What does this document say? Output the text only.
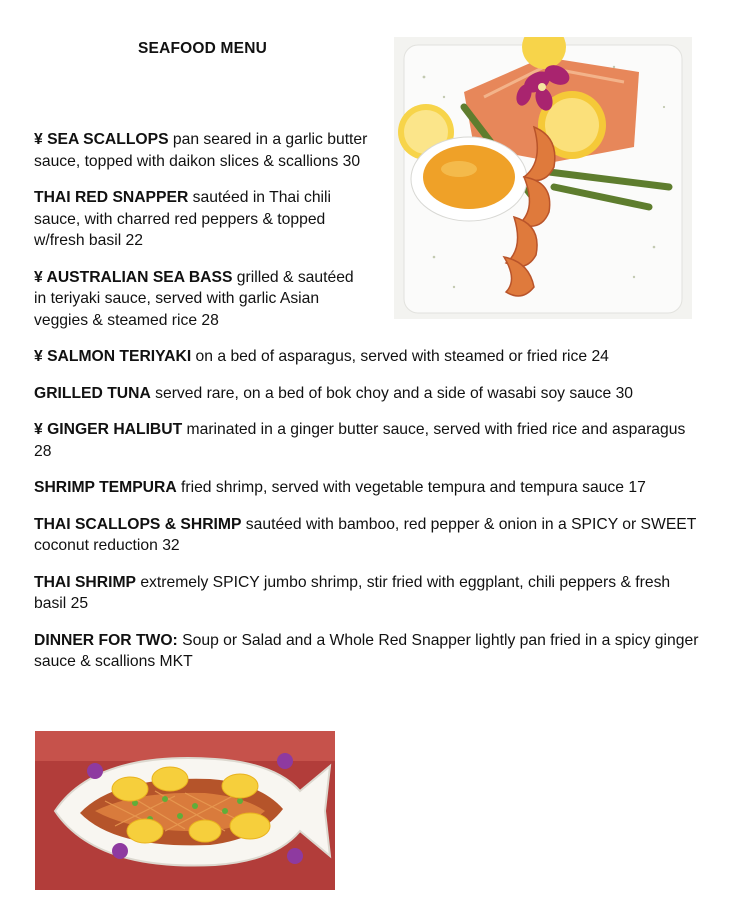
SEAFOOD MENU
¥ SEA SCALLOPS pan seared in a garlic butter sauce, topped with daikon slices & scallions 30
THAI RED SNAPPER sautéed in Thai chili sauce, with charred red peppers & topped w/fresh basil 22
¥ AUSTRALIAN SEA BASS grilled & sautéed in teriyaki sauce, served with garlic Asian veggies & steamed rice 28
¥ SALMON TERIYAKI on a bed of asparagus, served with steamed or fried rice 24
GRILLED TUNA served rare, on a bed of bok choy and a side of wasabi soy sauce 30
¥ GINGER HALIBUT marinated in a ginger butter sauce, served with fried rice and asparagus 28
SHRIMP TEMPURA fried shrimp, served with vegetable tempura and tempura sauce 17
THAI SCALLOPS & SHRIMP sautéed with bamboo, red pepper & onion in a SPICY or SWEET coconut reduction 32
THAI SHRIMP extremely SPICY jumbo shrimp, stir fried with eggplant, chili peppers & fresh basil 25
DINNER FOR TWO: Soup or Salad and a Whole Red Snapper lightly pan fried in a spicy ginger sauce & scallions MKT
